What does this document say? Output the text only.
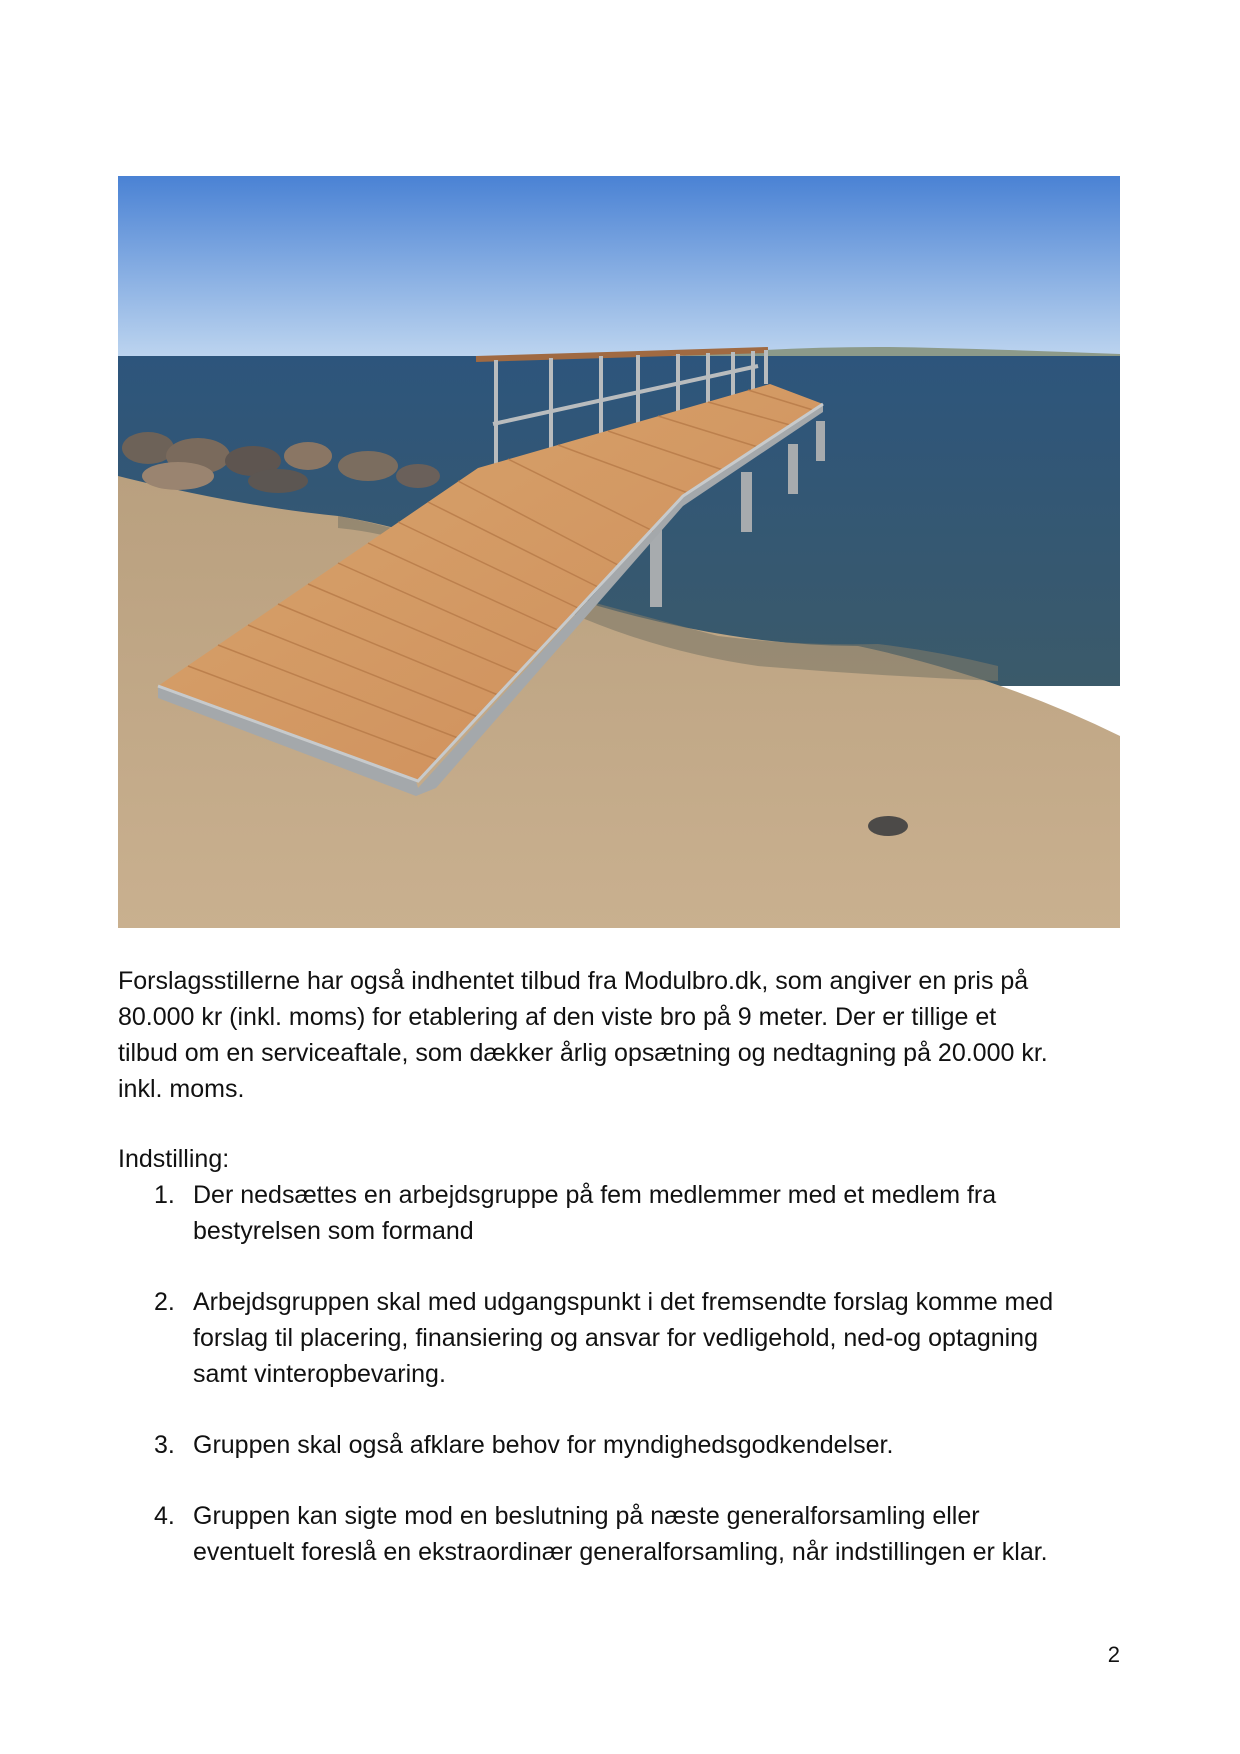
Forslagsstillerne har også indhentet tilbud fra Modulbro.dk, som angiver en pris på

80.000 kr (inkl. moms) for etablering af den viste bro på 9 meter. Der er tillige et

tilbud om en serviceaftale, som dækker årlig opsætning og nedtagning på 20.000 kr.

inkl. moms.

Indstilling:
1. Der nedsættes en arbejdsgruppe på fem medlemmer med et medlem fra
bestyrelsen som formand
2. Arbejdsgruppen skal med udgangspunkt i det fremsendte forslag komme med
forslag til placering, finansiering og ansvar for vedligehold, ned-og optagning
samt vinteropbevaring.
3. Gruppen skal også afklare behov for myndighedsgodkendelser.
4. Gruppen kan sigte mod en beslutning på næste generalforsamling eller
eventuelt foreslå en ekstraordinær generalforsamling, når indstillingen er klar.
2
